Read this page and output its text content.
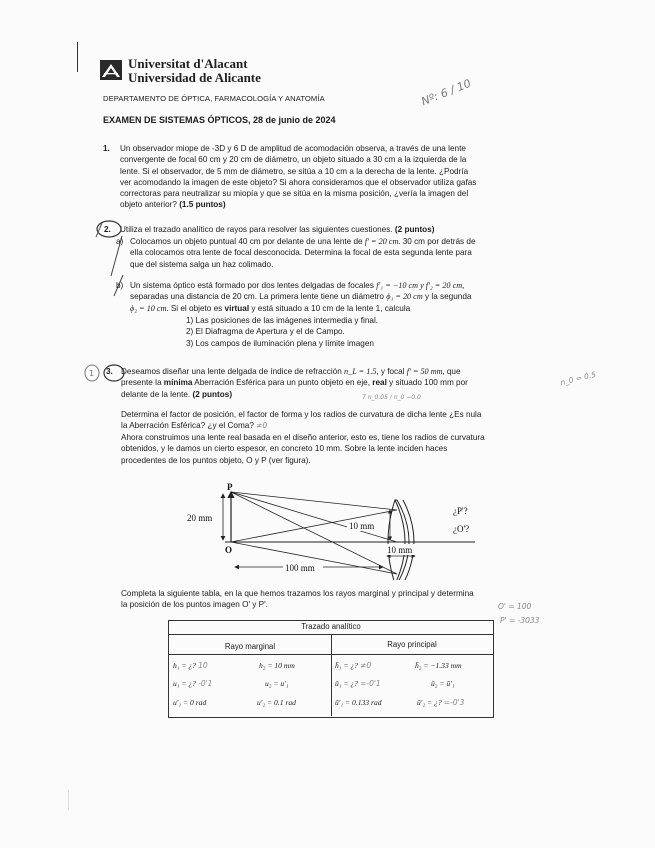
Universitat d'Alacant
Universidad de Alicante	Nº: 6 / 10
DEPARTAMENTO DE ÓPTICA, FARMACOLOGÍA Y ANATOMÍA
EXAMEN DE SISTEMAS ÓPTICOS, 28 de junio de 2024
1. Un observador miope de -3D y 6 D de amplitud de acomodación observa, a través de una lente
convergente de focal 60 cm y 20 cm de diámetro, un objeto situado a 30 cm a la izquierda de la
lente. Si el observador, de 5 mm de diámetro, se sitúa a 10 cm a la derecha de la lente. ¿Podría
ver acomodando la imagen de este objeto? Si ahora consideramos que el observador utiliza gafas
correctoras para neutralizar su miopía y que se sitúa en la misma posición, ¿vería la imagen del
objeto anterior? (1.5 puntos)
2. Utiliza el trazado analítico de rayos para resolver las siguientes cuestiones. (2 puntos)
a) Colocamos un objeto puntual 40 cm por delante de una lente de f′ = 20 cm. 30 cm por detrás de
ella colocamos otra lente de focal desconocida. Determina la focal de esta segunda lente para
que del sistema salga un haz colimado.
b) Un sistema óptico está formado por dos lentes delgadas de focales f′₁ = −10 cm y f′₂ = 20 cm,
separadas una distancia de 20 cm. La primera lente tiene un diámetro ϕ₁ = 20 cm y la segunda
ϕ₂ = 10 cm. Si el objeto es virtual y está situado a 10 cm de la lente 1, calcula
1) Las posiciones de las imágenes intermedia y final.
2) El Diafragma de Apertura y el de Campo.
3) Los campos de iluminación plena y límite imagen
1 3. Deseamos diseñar una lente delgada de índice de refracción n_L = 1.5, y focal f′ = 50 mm, que
presente la mínima Aberración Esférica para un punto objeto en eje, real y situado 100 mm por
delante de la lente. (2 puntos)
n_0 = 0.5
7 n_0.05 / n_0 −0.0
Determina el factor de posición, el factor de forma y los radios de curvatura de dicha lente ¿Es nula
la Aberración Esférica? ¿y el Coma? ≠0
Ahora construimos una lente real basada en el diseño anterior, esto es, tiene los radios de curvatura
obtenidos, y le damos un cierto espesor, en concreto 10 mm. Sobre la lente inciden haces
procedentes de los puntos objeto, O y P (ver figura).
P
O
20 mm
10 mm
10 mm
100 mm
¿P'?
¿O'?
Completa la siguiente tabla, en la que hemos trazamos los rayos marginal y principal y determina
la posición de los puntos imagen O' y P'.	O' = 100
P' = -3033
Trazado analítico
Rayo marginal	Rayo principal
h₁ = ¿? 10	h₂ = 10 mm	h̄₁ = ¿? ≠0	h̄₂ = −1.33 mm
u₁ = ¿? -0'1	u₂ = u′₁	ū₁ = ¿? =-0'1	ū₂ = ū′₁
u′₁ = 0 rad	u′₂ = 0.1 rad	ū′₁ = 0.133 rad	ū′₂ = ¿? =-0'3
